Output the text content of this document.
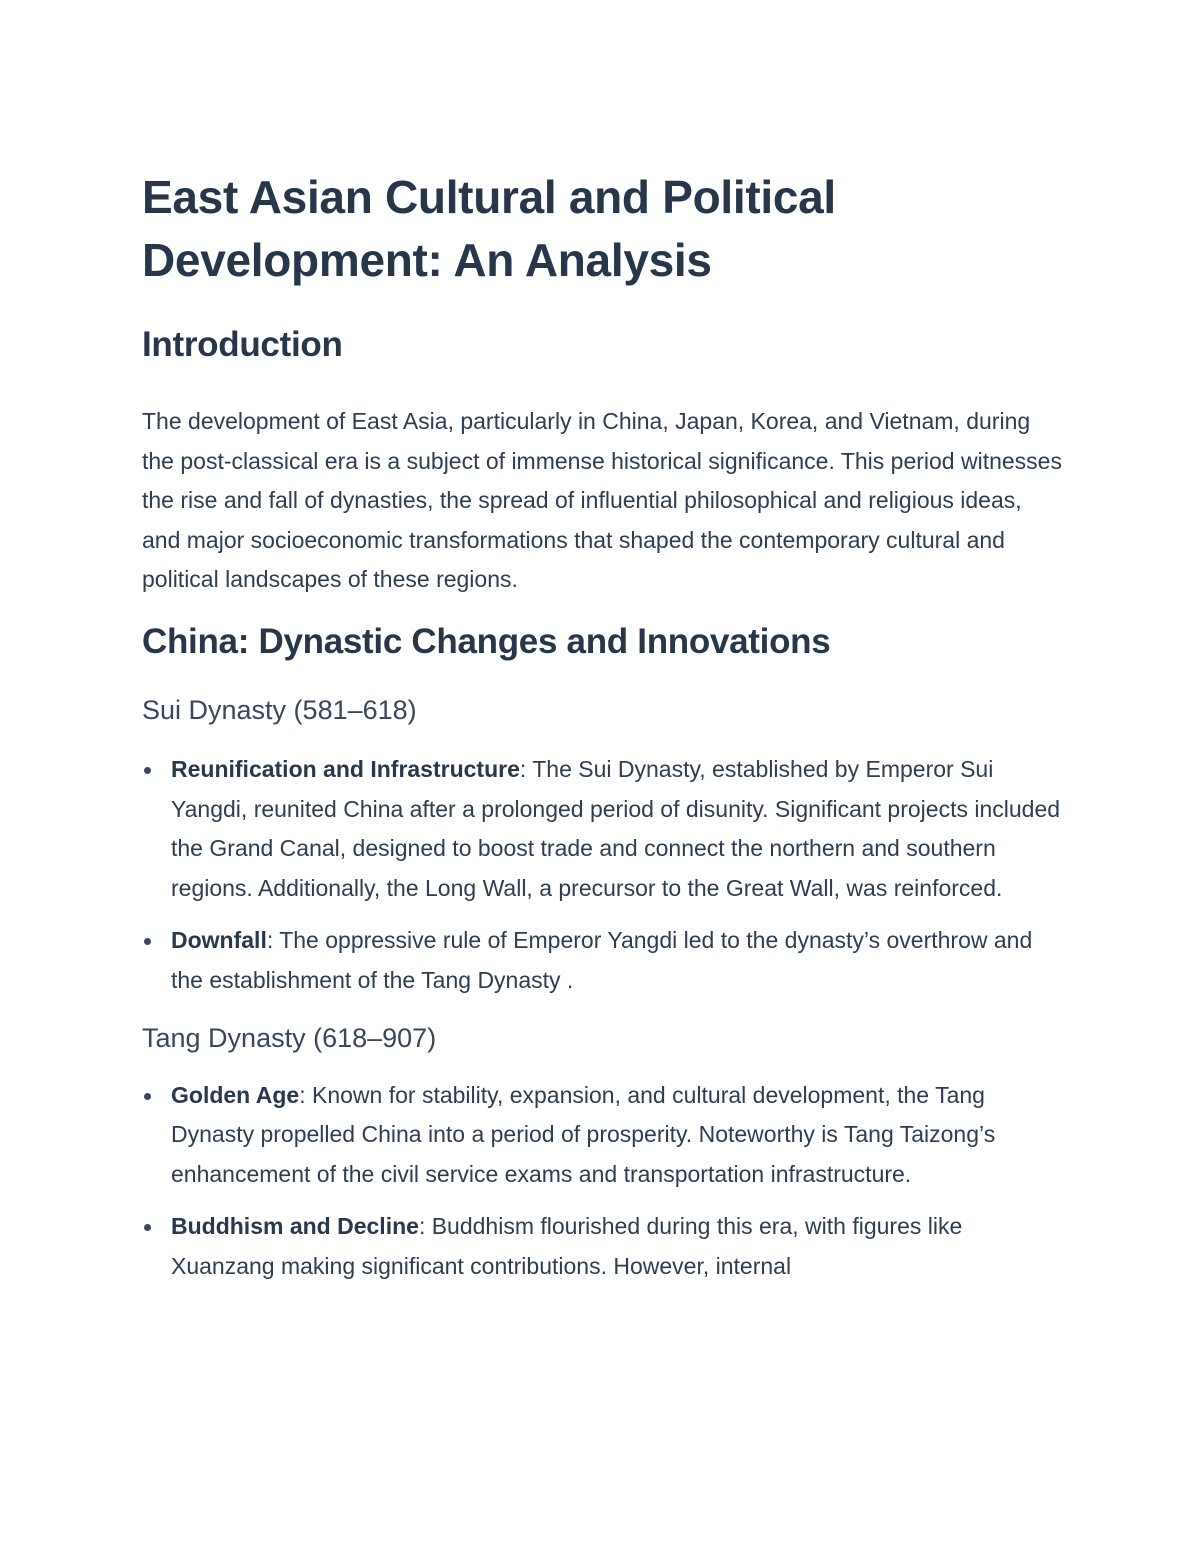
East Asian Cultural and Political Development: An Analysis
Introduction

The development of East Asia, particularly in China, Japan, Korea, and Vietnam, during the post-classical era is a subject of immense historical significance. This period witnesses the rise and fall of dynasties, the spread of influential philosophical and religious ideas, and major socioeconomic transformations that shaped the contemporary cultural and political landscapes of these regions.

China: Dynastic Changes and Innovations
Sui Dynasty (581–618)
Reunification and Infrastructure: The Sui Dynasty, established by Emperor Sui Yangdi, reunited China after a prolonged period of disunity. Significant projects included the Grand Canal, designed to boost trade and connect the northern and southern regions. Additionally, the Long Wall, a precursor to the Great Wall, was reinforced.
Downfall: The oppressive rule of Emperor Yangdi led to the dynasty’s overthrow and the establishment of the Tang Dynasty .
Tang Dynasty (618–907)
Golden Age: Known for stability, expansion, and cultural development, the Tang Dynasty propelled China into a period of prosperity. Noteworthy is Tang Taizong’s enhancement of the civil service exams and transportation infrastructure.
Buddhism and Decline: Buddhism flourished during this era, with figures like Xuanzang making significant contributions. However, internal
